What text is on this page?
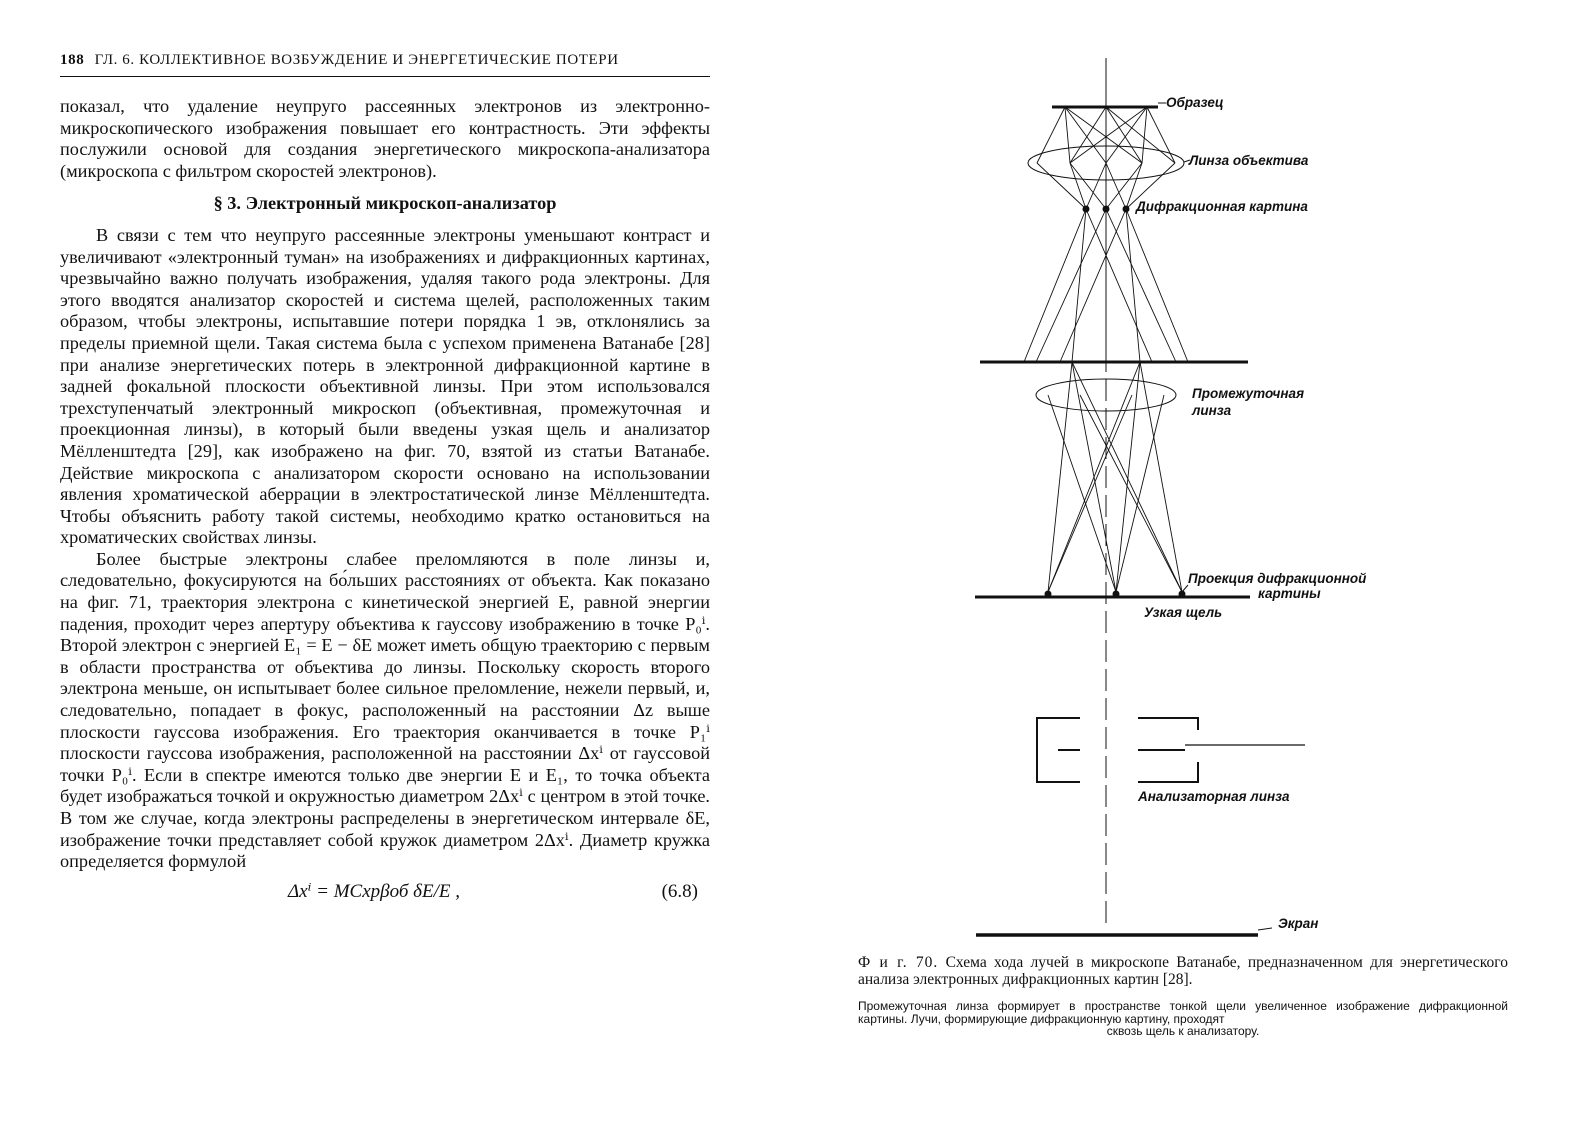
188 ГЛ. 6. КОЛЛЕКТИВНОЕ ВОЗБУЖДЕНИЕ И ЭНЕРГЕТИЧЕСКИЕ ПОТЕРИ

показал, что удаление неупруго рассеянных электронов из электронно-микроскопического изображения повышает его контрастность. Эти эффекты послужили основой для создания энергетического микроскопа-анализатора (микроскопа с фильтром скоростей электронов).

§ 3. Электронный микроскоп-анализатор

В связи с тем что неупруго рассеянные электроны уменьшают контраст и увеличивают «электронный туман» на изображениях и дифракционных картинах, чрезвычайно важно получать изображения, удаляя такого рода электроны. Для этого вводятся анализатор скоростей и система щелей, расположенных таким образом, чтобы электроны, испытавшие потери порядка 1 эв, отклонялись за пределы приемной щели. Такая система была с успехом применена Ватанабе [28] при анализе энергетических потерь в электронной дифракционной картине в задней фокальной плоскости объективной линзы. При этом использовался трехступенчатый электронный микроскоп (объективная, промежуточная и проекционная линзы), в который были введены узкая щель и анализатор Мёлленштедта [29], как изображено на фиг. 70, взятой из статьи Ватанабе. Действие микроскопа с анализатором скорости основано на использовании явления хроматической аберрации в электростатической линзе Мёлленштедта. Чтобы объяснить работу такой системы, необходимо кратко остановиться на хроматических свойствах линзы.

Более быстрые электроны слабее преломляются в поле линзы и, следовательно, фокусируются на бо́льших расстояниях от объекта. Как показано на фиг. 71, траектория электрона с кинетической энергией E, равной энергии падения, проходит через апертуру объектива к гауссову изображению в точке P₀ⁱ. Второй электрон с энергией E₁ = E − δE может иметь общую траекторию с первым в области пространства от объектива до линзы. Поскольку скорость второго электрона меньше, он испытывает более сильное преломление, нежели первый, и, следовательно, попадает в фокус, расположенный на расстоянии Δz выше плоскости гауссова изображения. Его траектория оканчивается в точке P₁ⁱ плоскости гауссова изображения, расположенной на расстоянии Δxⁱ от гауссовой точки P₀ⁱ. Если в спектре имеются только две энергии E и E₁, то точка объекта будет изображаться точкой и окружностью диаметром 2Δxⁱ с центром в этой точке. В том же случае, когда электроны распределены в энергетическом интервале δE, изображение точки представляет собой кружок диаметром 2Δxⁱ. Диаметр кружка определяется формулой

Δxⁱ = MCхрβоб δE/E ,	(6.8)
Образец
Линза объектива
Дифракционная картина
Промежуточная
линза
Проекция дифракционной
картины
Узкая щель
Анализаторная линза
Экран
Ф и г. 70. Схема хода лучей в микроскопе Ватанабе, предназначенном для энергетического анализа электронных дифракционных картин [28].
Промежуточная линза формирует в пространстве тонкой щели увеличенное изображение дифракционной картины. Лучи, формирующие дифракционную картину, проходят
сквозь щель к анализатору.
